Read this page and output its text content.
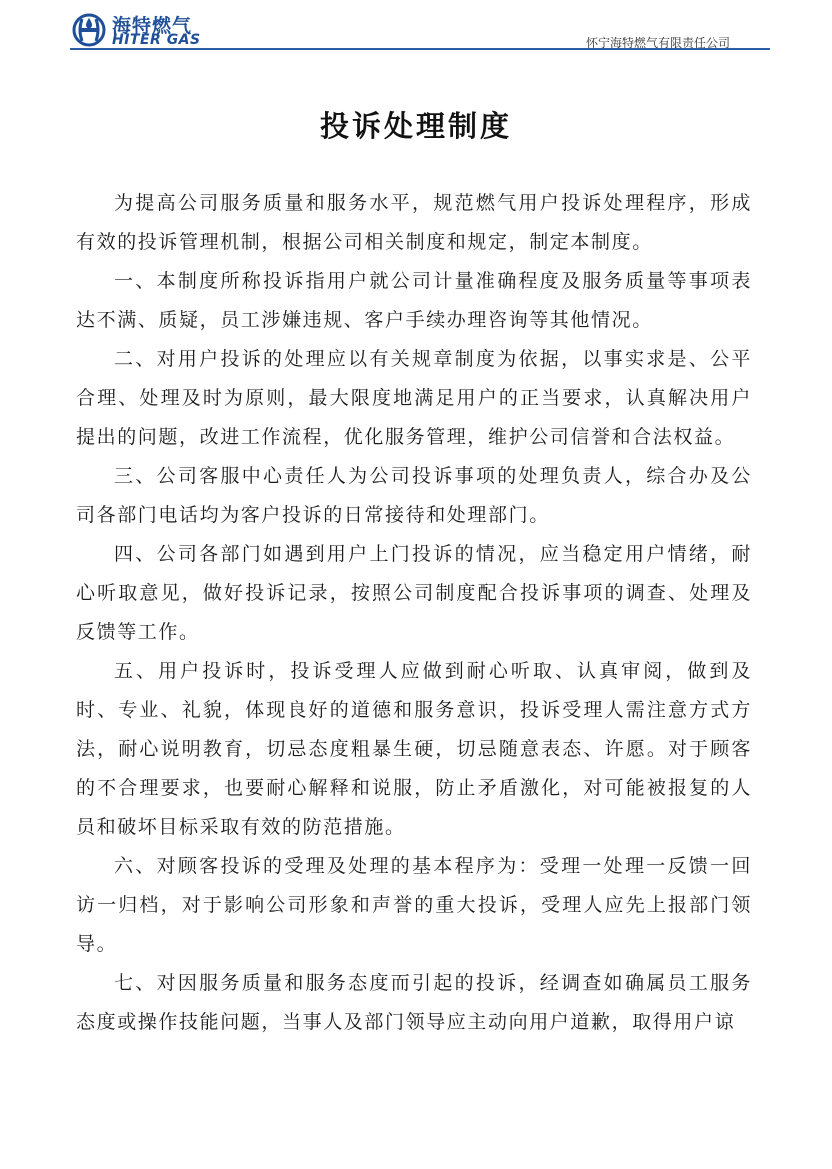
海特燃气
HITER GAS	怀宁海特燃气有限责任公司
投诉处理制度

为提高公司服务质量和服务水平，规范燃气用户投诉处理程序，形成有效的投诉管理机制，根据公司相关制度和规定，制定本制度。

一、本制度所称投诉指用户就公司计量准确程度及服务质量等事项表达不满、质疑，员工涉嫌违规、客户手续办理咨询等其他情况。

二、对用户投诉的处理应以有关规章制度为依据，以事实求是、公平合理、处理及时为原则，最大限度地满足用户的正当要求，认真解决用户提出的问题，改进工作流程，优化服务管理，维护公司信誉和合法权益。

三、公司客服中心责任人为公司投诉事项的处理负责人，综合办及公司各部门电话均为客户投诉的日常接待和处理部门。

四、公司各部门如遇到用户上门投诉的情况，应当稳定用户情绪，耐心听取意见，做好投诉记录，按照公司制度配合投诉事项的调查、处理及反馈等工作。

五、用户投诉时，投诉受理人应做到耐心听取、认真审阅，做到及时、专业、礼貌，体现良好的道德和服务意识，投诉受理人需注意方式方法，耐心说明教育，切忌态度粗暴生硬，切忌随意表态、许愿。对于顾客的不合理要求，也要耐心解释和说服，防止矛盾激化，对可能被报复的人员和破坏目标采取有效的防范措施。

六、对顾客投诉的受理及处理的基本程序为：受理一处理一反馈一回访一归档，对于影响公司形象和声誉的重大投诉，受理人应先上报部门领导。

七、对因服务质量和服务态度而引起的投诉，经调查如确属员工服务态度或操作技能问题，当事人及部门领导应主动向用户道歉，取得用户谅
